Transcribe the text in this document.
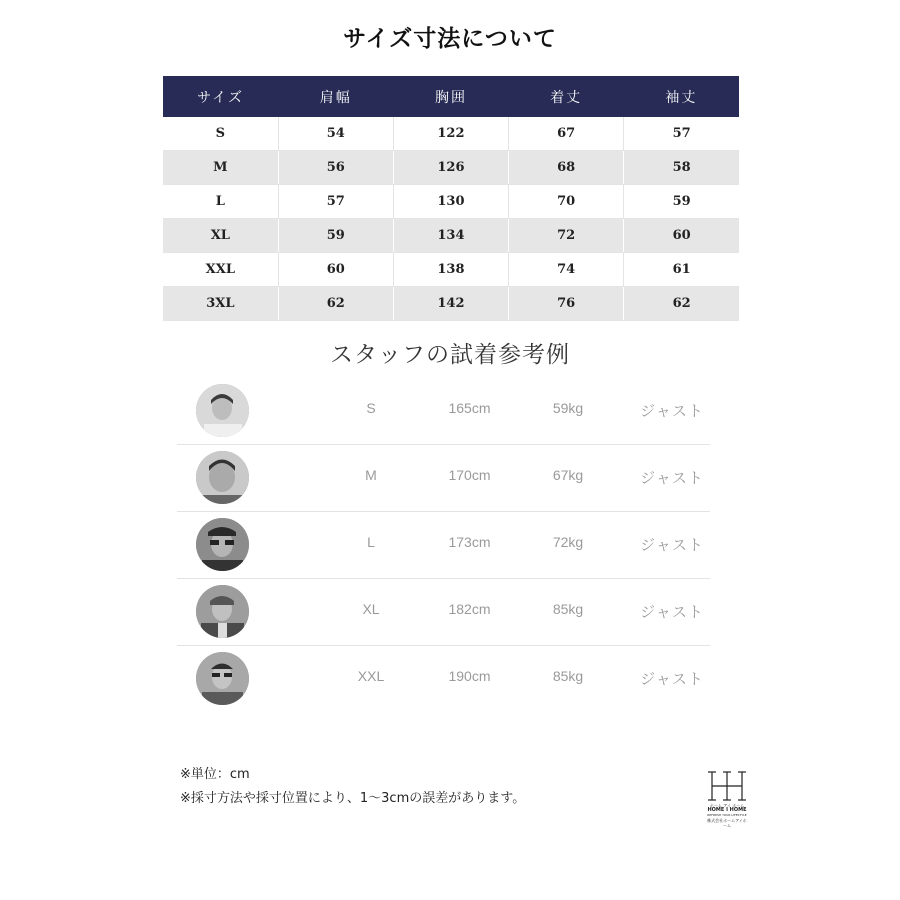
サイズ寸法について
サイズ	肩幅	胸囲	着丈	袖丈
S	54	122	67	57
M	56	126	68	58
L	57	130	70	59
XL	59	134	72	60
XXL	60	138	74	61
3XL	62	142	76	62
スタッフの試着参考例
S	165cm	59kg	ジャスト
M	170cm	67kg	ジャスト
L	173cm	72kg	ジャスト
XL	182cm	85kg	ジャスト
XXL	190cm	85kg	ジャスト
※単位：cm
※採寸方法や採寸位置により、1～3cmの誤差があります。	ホーム アイ ホーム
HOME I HOME
REFRESH YOUR LIFESTYLE
株式会社ホームアイホーム
